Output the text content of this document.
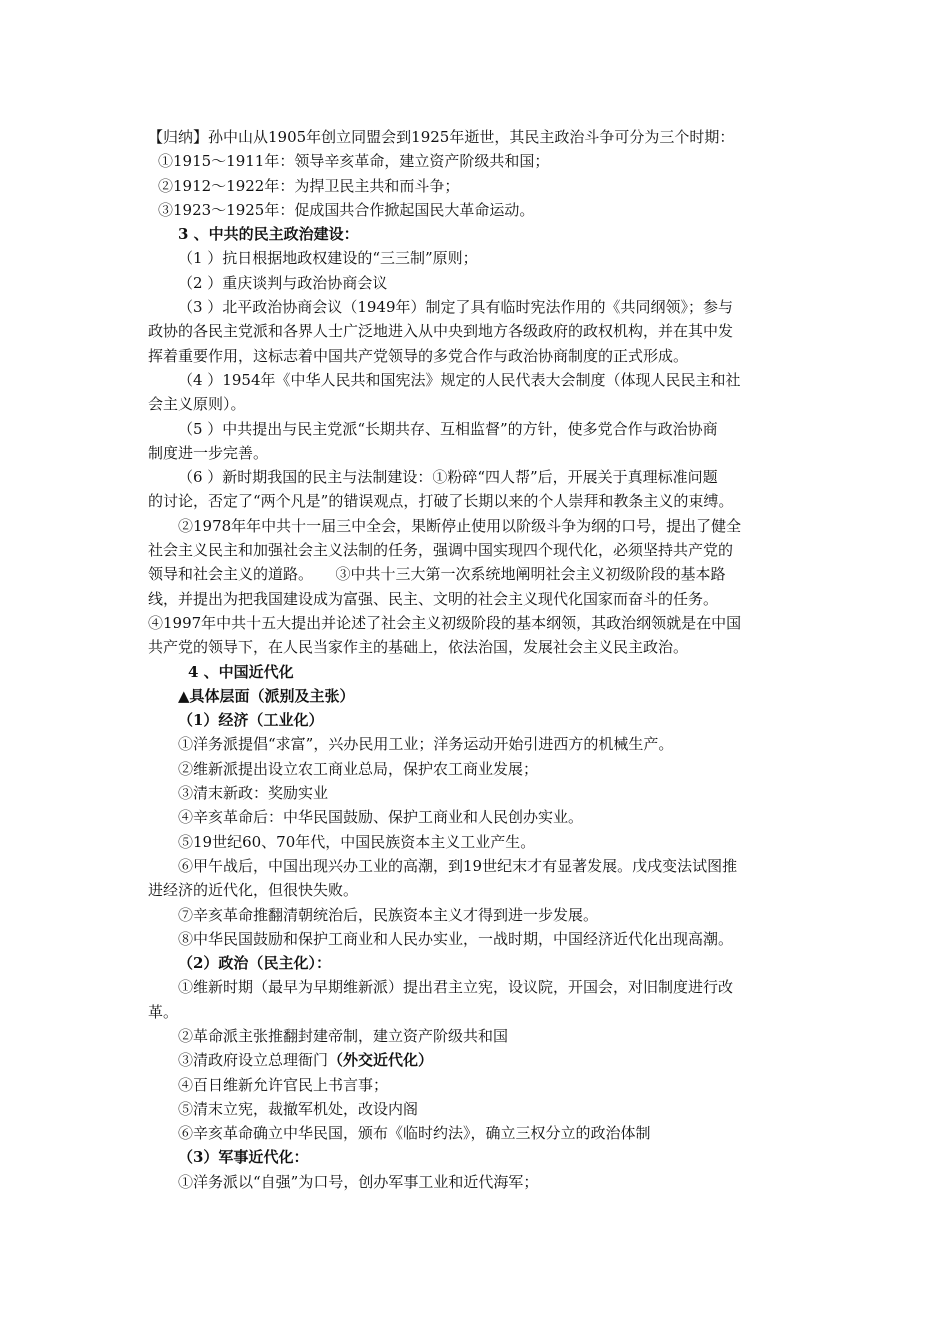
【归纳】孙中山从1905年创立同盟会到1925年逝世，其民主政治斗争可分为三个时期：
①1915～1911年：领导辛亥革命，建立资产阶级共和国；
②1912～1922年：为捍卫民主共和而斗争；
③1923～1925年：促成国共合作掀起国民大革命运动。
3 、中共的民主政治建设：
（1 ）抗日根据地政权建设的“三三制”原则；
（2 ）重庆谈判与政治协商会议
（3 ）北平政治协商会议（1949年）制定了具有临时宪法作用的《共同纲领》；参与
政协的各民主党派和各界人士广泛地进入从中央到地方各级政府的政权机构，并在其中发
挥着重要作用，这标志着中国共产党领导的多党合作与政治协商制度的正式形成。
（4 ）1954年《中华人民共和国宪法》规定的人民代表大会制度（体现人民民主和社
会主义原则）。
（5 ）中共提出与民主党派“长期共存、互相监督”的方针，使多党合作与政治协商
制度进一步完善。
（6 ）新时期我国的民主与法制建设：①粉碎“四人帮”后，开展关于真理标准问题
的讨论，否定了“两个凡是”的错误观点，打破了长期以来的个人崇拜和教条主义的束缚。
②1978年年中共十一届三中全会，果断停止使用以阶级斗争为纲的口号，提出了健全
社会主义民主和加强社会主义法制的任务，强调中国实现四个现代化，必须坚持共产党的
领导和社会主义的道路。　　③中共十三大第一次系统地阐明社会主义初级阶段的基本路
线，并提出为把我国建设成为富强、民主、文明的社会主义现代化国家而奋斗的任务。
④1997年中共十五大提出并论述了社会主义初级阶段的基本纲领，其政治纲领就是在中国
共产党的领导下，在人民当家作主的基础上，依法治国，发展社会主义民主政治。
4 、中国近代化
▲具体层面（派别及主张）
（1）经济（工业化）
①洋务派提倡“求富”，兴办民用工业；洋务运动开始引进西方的机械生产。
②维新派提出设立农工商业总局，保护农工商业发展；
③清末新政：奖励实业
④辛亥革命后：中华民国鼓励、保护工商业和人民创办实业。
⑤19世纪60、70年代，中国民族资本主义工业产生。
⑥甲午战后，中国出现兴办工业的高潮，到19世纪末才有显著发展。戊戌变法试图推
进经济的近代化，但很快失败。
⑦辛亥革命推翻清朝统治后，民族资本主义才得到进一步发展。
⑧中华民国鼓励和保护工商业和人民办实业，一战时期，中国经济近代化出现高潮。
（2）政治（民主化）：
①维新时期（最早为早期维新派）提出君主立宪，设议院，开国会，对旧制度进行改
革。
②革命派主张推翻封建帝制，建立资产阶级共和国
③清政府设立总理衙门（外交近代化）
④百日维新允许官民上书言事；
⑤清末立宪，裁撤军机处，改设内阁
⑥辛亥革命确立中华民国，颁布《临时约法》，确立三权分立的政治体制
（3）军事近代化：
①洋务派以“自强”为口号，创办军事工业和近代海军；
